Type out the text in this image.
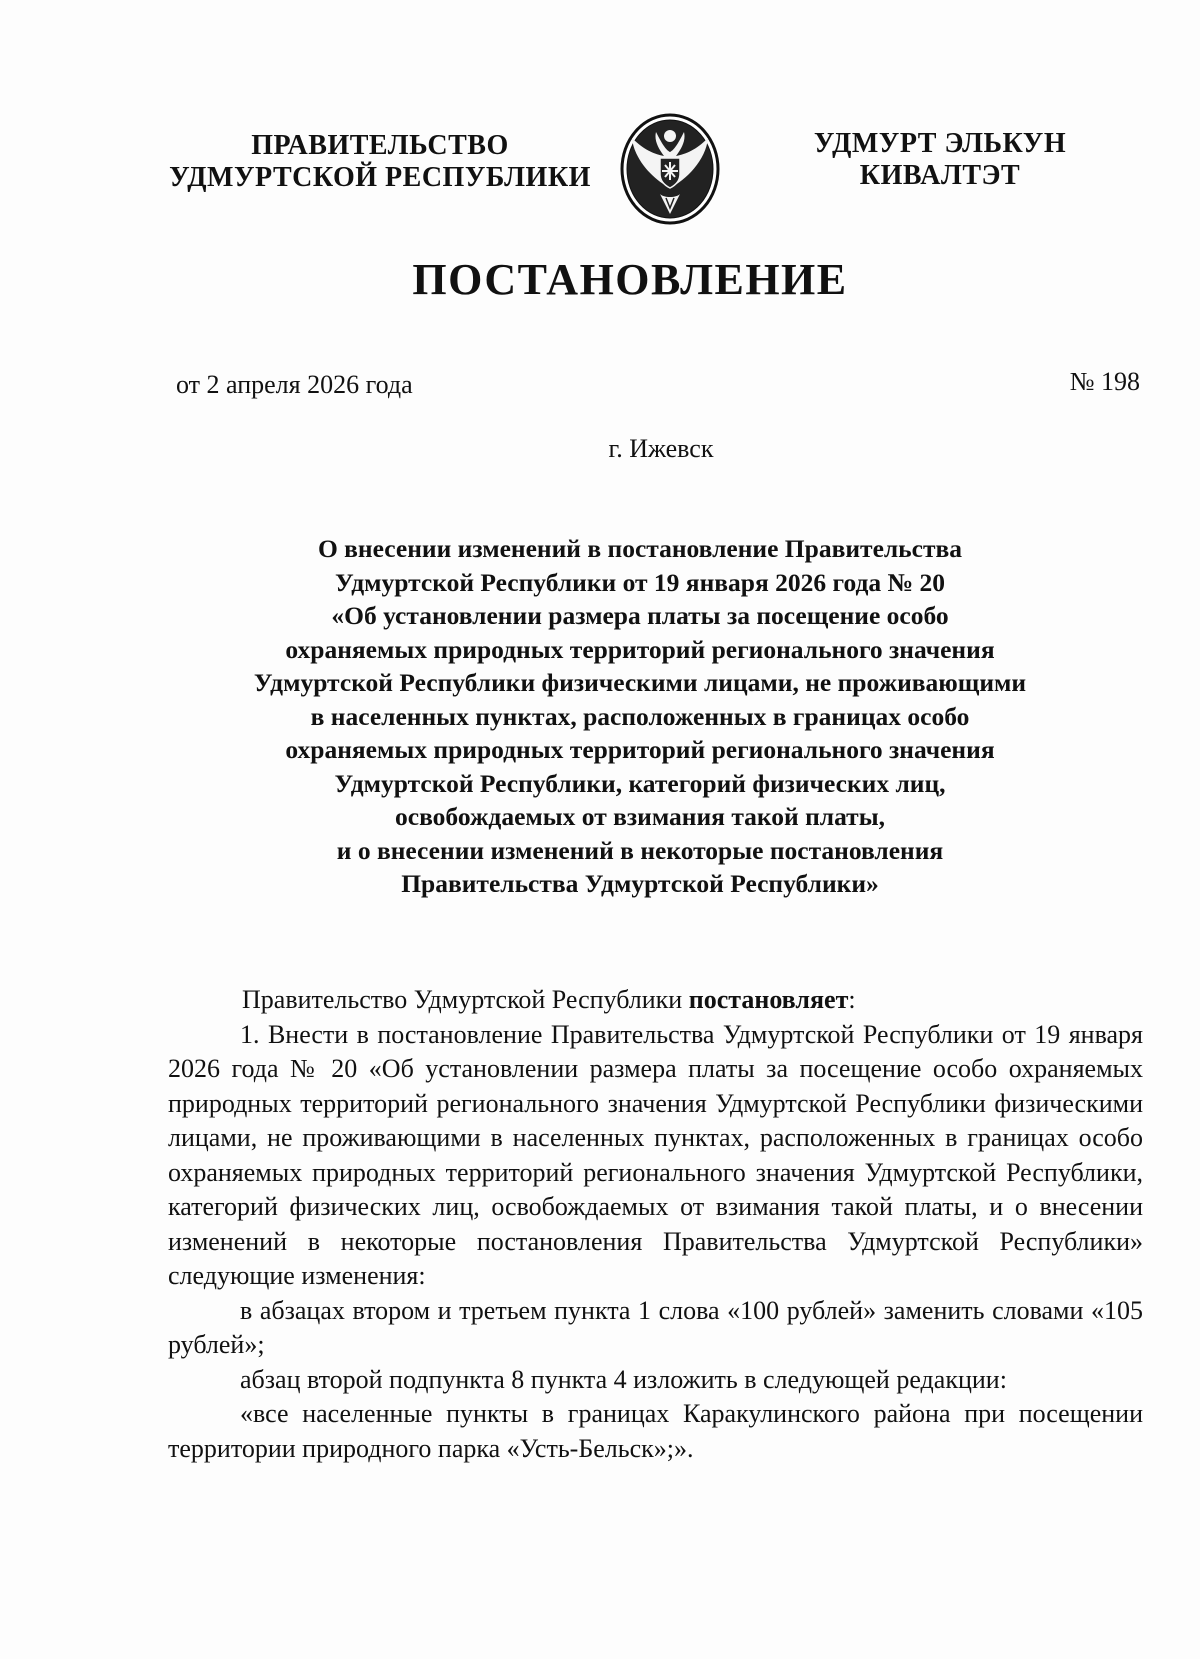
ПРАВИТЕЛЬСТВО
УДМУРТСКОЙ РЕСПУБЛИКИ
УДМУРТ ЭЛЬКУН
КИВАЛТЭТ
ПОСТАНОВЛЕНИЕ
от 2 апреля 2026 года	№ 198
г. Ижевск
О внесении изменений в постановление Правительства
Удмуртской Республики от 19 января 2026 года № 20
«Об установлении размера платы за посещение особо
охраняемых природных территорий регионального значения
Удмуртской Республики физическими лицами, не проживающими
в населенных пунктах, расположенных в границах особо
охраняемых природных территорий регионального значения
Удмуртской Республики, категорий физических лиц,
освобождаемых от взимания такой платы,
и о внесении изменений в некоторые постановления
Правительства Удмуртской Республики»

Правительство Удмуртской Республики постановляет:

1. Внести в постановление Правительства Удмуртской Республики от 19 января 2026 года № 20 «Об установлении размера платы за посещение особо охраняемых природных территорий регионального значения Удмуртской Республики физическими лицами, не проживающими в населенных пунктах, расположенных в границах особо охраняемых природных территорий регионального значения Удмуртской Республики, категорий физических лиц, освобождаемых от взимания такой платы, и о внесении изменений в некоторые постановления Правительства Удмуртской Республики» следующие изменения:

в абзацах втором и третьем пункта 1 слова «100 рублей» заменить словами «105 рублей»;

абзац второй подпункта 8 пункта 4 изложить в следующей редакции:

«все населенные пункты в границах Каракулинского района при посещении территории природного парка «Усть-Бельск»;».
